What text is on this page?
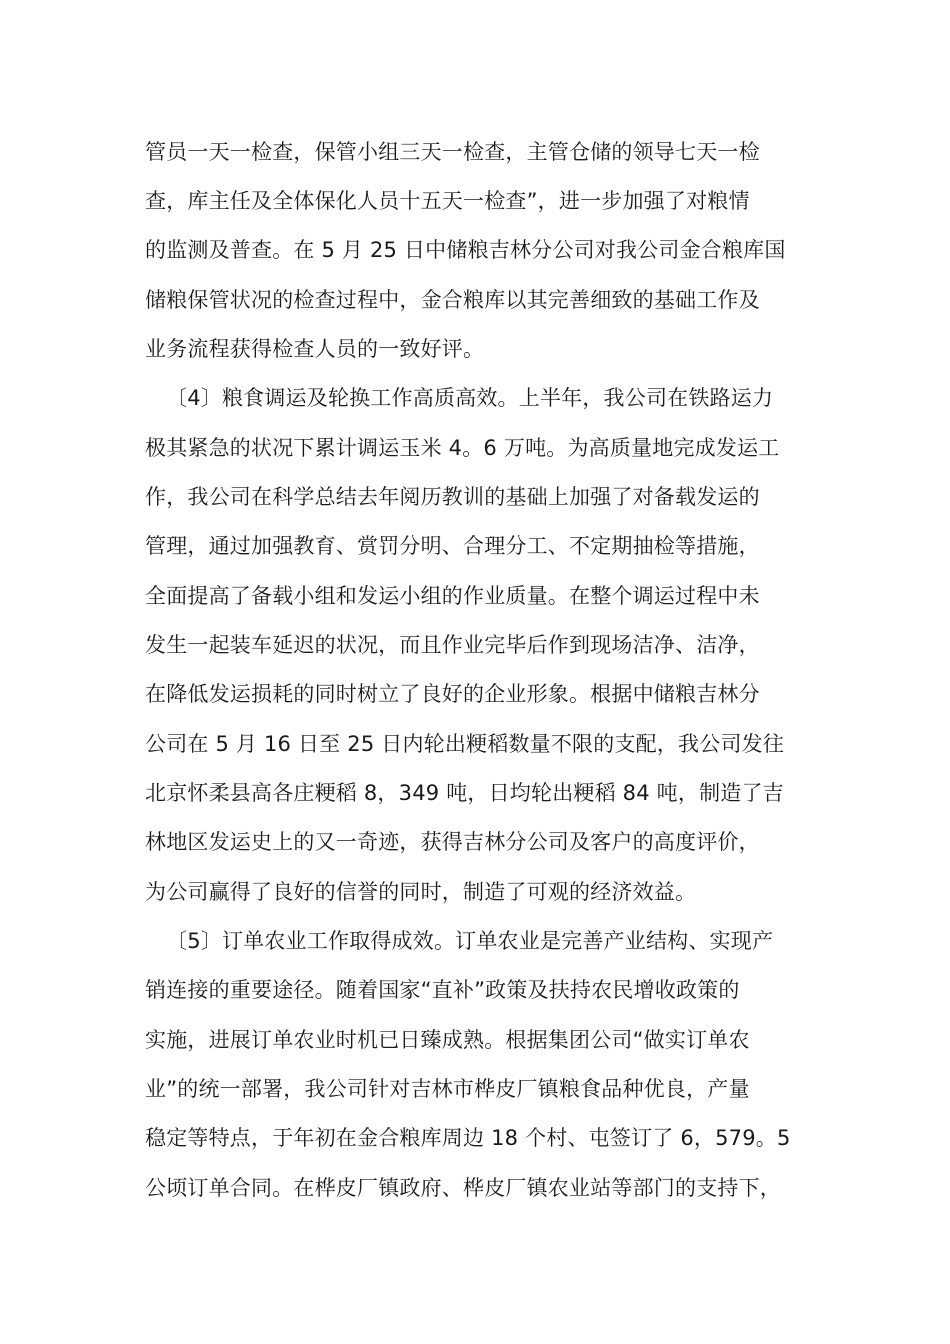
管员一天一检查，保管小组三天一检查，主管仓储的领导七天一检
查，库主任及全体保化人员十五天一检查”，进一步加强了对粮情
的监测及普查。在 5 月 25 日中储粮吉林分公司对我公司金合粮库国
储粮保管状况的检查过程中，金合粮库以其完善细致的基础工作及
业务流程获得检查人员的一致好评。
〔4〕粮食调运及轮换工作高质高效。上半年，我公司在铁路运力
极其紧急的状况下累计调运玉米 4。6 万吨。为高质量地完成发运工
作，我公司在科学总结去年阅历教训的基础上加强了对备载发运的
管理，通过加强教育、赏罚分明、合理分工、不定期抽检等措施，
全面提高了备载小组和发运小组的作业质量。在整个调运过程中未
发生一起装车延迟的状况，而且作业完毕后作到现场洁净、洁净，
在降低发运损耗的同时树立了良好的企业形象。根据中储粮吉林分
公司在 5 月 16 日至 25 日内轮出粳稻数量不限的支配，我公司发往
北京怀柔县高各庄粳稻 8，349 吨，日均轮出粳稻 84 吨，制造了吉
林地区发运史上的又一奇迹，获得吉林分公司及客户的高度评价，
为公司赢得了良好的信誉的同时，制造了可观的经济效益。
〔5〕订单农业工作取得成效。订单农业是完善产业结构、实现产
销连接的重要途径。随着国家“直补”政策及扶持农民增收政策的
实施，进展订单农业时机已日臻成熟。根据集团公司“做实订单农
业”的统一部署，我公司针对吉林市桦皮厂镇粮食品种优良，产量
稳定等特点，于年初在金合粮库周边 18 个村、屯签订了 6，579。5
公顷订单合同。在桦皮厂镇政府、桦皮厂镇农业站等部门的支持下，
